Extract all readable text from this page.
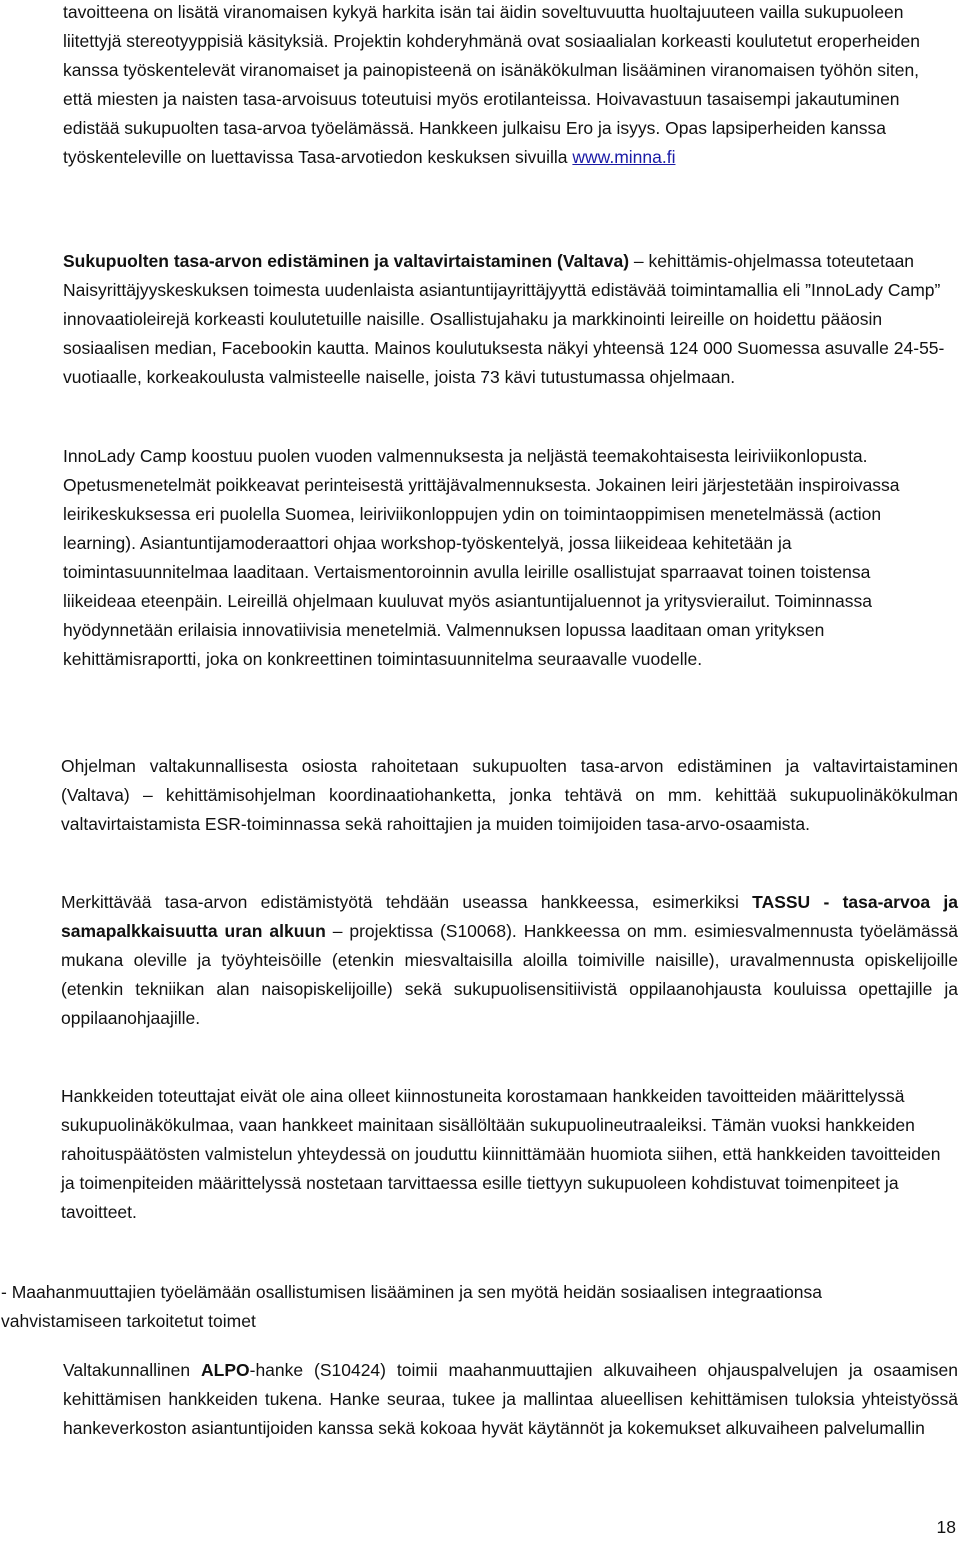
tavoitteena on lisätä viranomaisen kykyä harkita isän tai äidin soveltuvuutta huoltajuuteen vailla sukupuoleen liitettyjä stereotyyppisiä käsityksiä. Projektin kohderyhmänä ovat sosiaalialan korkeasti koulutetut eroperheiden kanssa työskentelevät viranomaiset ja painopisteenä on isänäkökulman lisääminen viranomaisen työhön siten, että miesten ja naisten tasa-arvoisuus toteutuisi myös erotilanteissa. Hoivavastuun tasaisempi jakautuminen edistää sukupuolten tasa-arvoa työelämässä. Hankkeen julkaisu Ero ja isyys. Opas lapsiperheiden kanssa työskenteleville on luettavissa Tasa-arvotiedon keskuksen sivuilla www.minna.fi

Sukupuolten tasa-arvon edistäminen ja valtavirtaistaminen (Valtava) – kehittämis-ohjelmassa toteutetaan Naisyrittäjyyskeskuksen toimesta uudenlaista asiantuntijayrittäjyyttä edistävää toimintamallia eli ”InnoLady Camp” innovaatioleirejä korkeasti koulutetuille naisille. Osallistujahaku ja markkinointi leireille on hoidettu pääosin sosiaalisen median, Facebookin kautta. Mainos koulutuksesta näkyi yhteensä 124 000 Suomessa asuvalle 24-55-vuotiaalle, korkeakoulusta valmisteelle naiselle, joista 73 kävi tutustumassa ohjelmaan.

InnoLady Camp koostuu puolen vuoden valmennuksesta ja neljästä teemakohtaisesta leiriviikonlopusta. Opetusmenetelmät poikkeavat perinteisestä yrittäjävalmennuksesta. Jokainen leiri järjestetään inspiroivassa leirikeskuksessa eri puolella Suomea, leiriviikonloppujen ydin on toimintaoppimisen menetelmässä (action learning). Asiantuntijamoderaattori ohjaa workshop-työskentelyä, jossa liikeideaa kehitetään ja toimintasuunnitelmaa laaditaan. Vertaismentoroinnin avulla leirille osallistujat sparraavat toinen toistensa liikeideaa eteenpäin. Leireillä ohjelmaan kuuluvat myös asiantuntijaluennot ja yritysvierailut. Toiminnassa hyödynnetään erilaisia innovatiivisia menetelmiä. Valmennuksen lopussa laaditaan oman yrityksen kehittämisraportti, joka on konkreettinen toimintasuunnitelma seuraavalle vuodelle.

Ohjelman valtakunnallisesta osiosta rahoitetaan sukupuolten tasa-arvon edistäminen ja valtavirtaistaminen (Valtava) – kehittämisohjelman koordinaatiohanketta, jonka tehtävä on mm. kehittää sukupuolinäkökulman valtavirtaistamista ESR-toiminnassa sekä rahoittajien ja muiden toimijoiden tasa-arvo-osaamista.

Merkittävää tasa-arvon edistämistyötä tehdään useassa hankkeessa, esimerkiksi TASSU - tasa-arvoa ja samapalkkaisuutta uran alkuun – projektissa (S10068). Hankkeessa on mm. esimiesvalmennusta työelämässä mukana oleville ja työyhteisöille (etenkin miesvaltaisilla aloilla toimiville naisille), uravalmennusta opiskelijoille (etenkin tekniikan alan naisopiskelijoille) sekä sukupuolisensitiivistä oppilaanohjausta kouluissa opettajille ja oppilaanohjaajille.

Hankkeiden toteuttajat eivät ole aina olleet kiinnostuneita korostamaan hankkeiden tavoitteiden määrittelyssä sukupuolinäkökulmaa, vaan hankkeet mainitaan sisällöltään sukupuolineutraaleiksi. Tämän vuoksi hankkeiden rahoituspäätösten valmistelun yhteydessä on jouduttu kiinnittämään huomiota siihen, että hankkeiden tavoitteiden ja toimenpiteiden määrittelyssä nostetaan tarvittaessa esille tiettyyn sukupuoleen kohdistuvat toimenpiteet ja tavoitteet.

- Maahanmuuttajien työelämään osallistumisen lisääminen ja sen myötä heidän sosiaalisen integraationsa vahvistamiseen tarkoitetut toimet

Valtakunnallinen ALPO-hanke (S10424) toimii maahanmuuttajien alkuvaiheen ohjauspalvelujen ja osaamisen kehittämisen hankkeiden tukena. Hanke seuraa, tukee ja mallintaa alueellisen kehittämisen tuloksia yhteistyössä hankeverkoston asiantuntijoiden kanssa sekä kokoaa hyvät käytännöt ja kokemukset alkuvaiheen palvelumallin

18
